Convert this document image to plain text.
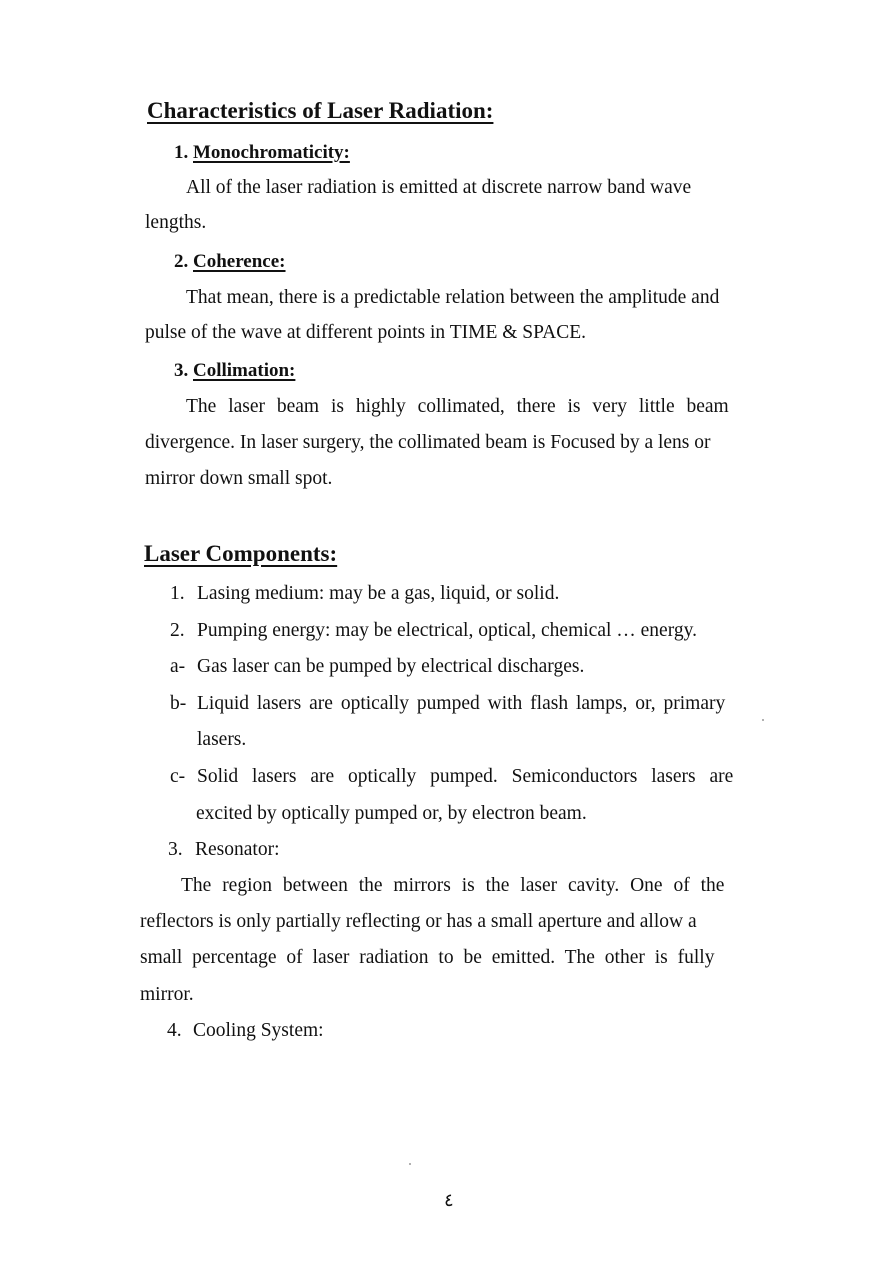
Characteristics of Laser Radiation:
1. Monochromaticity:
All of the laser radiation is emitted at discrete narrow band wave
lengths.
2. Coherence:
That mean, there is a predictable relation between the amplitude and
pulse of the wave at different points in TIME & SPACE.
3. Collimation:
The laser beam is highly collimated, there is very little beam
divergence. In laser surgery, the collimated beam is Focused by a lens or
mirror down small spot.
Laser Components:
1. Lasing medium: may be a gas, liquid, or solid.
2. Pumping energy: may be electrical, optical, chemical … energy.
a- Gas laser can be pumped by electrical discharges.
b- Liquid lasers are optically pumped with flash lamps, or, primary
lasers.
c- Solid lasers are optically pumped. Semiconductors lasers are
excited by optically pumped or, by electron beam.
3. Resonator:
The region between the mirrors is the laser cavity. One of the
reflectors is only partially reflecting or has a small aperture and allow a
small percentage of laser radiation to be emitted. The other is fully
mirror.
4. Cooling System:
٤
